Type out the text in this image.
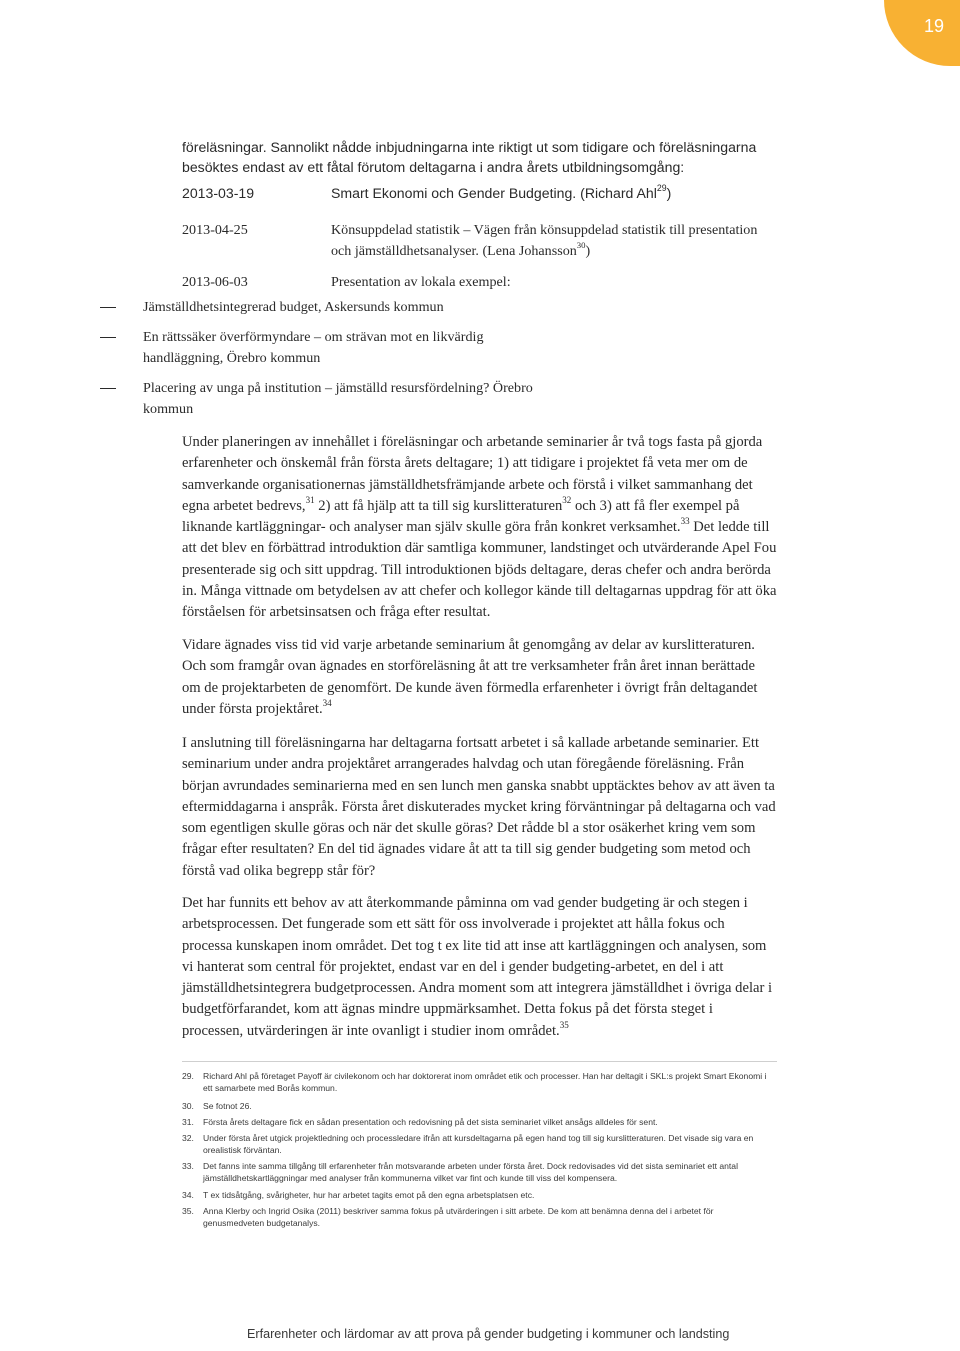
19

föreläsningar. Sannolikt nådde inbjudningarna inte riktigt ut som tidigare och föreläsningarna besöktes endast av ett fåtal förutom deltagarna i andra årets utbildningsomgång:

2013-03-19	Smart Ekonomi och Gender Budgeting. (Richard Ahl$^{29}$)
2013-04-25	Könsuppdelad statistik – Vägen från könsuppdelad statistik till presentation och jämställdhetsanalyser. (Lena Johansson$^{30}$)
2013-06-03	Presentation av lokala exempel:
Jämställdhetsintegrerad budget, Askersunds kommun
En rättssäker överförmyndare – om strävan mot en likvärdig handläggning, Örebro kommun
Placering av unga på institution – jämställd resursfördelning? Örebro kommun

Under planeringen av innehållet i föreläsningar och arbetande seminarier år två togs fasta på gjorda erfarenheter och önskemål från första årets deltagare; 1) att tidigare i projektet få veta mer om de samverkande organisationernas jämställdhetsfrämjande arbete och förstå i vilket sammanhang det egna arbetet bedrevs,$^{31}$ 2) att få hjälp att ta till sig kurslitteraturen$^{32}$ och 3) att få fler exempel på liknande kartläggningar- och analyser man själv skulle göra från konkret verksamhet.$^{33}$ Det ledde till att det blev en förbättrad introduktion där samtliga kommuner, landstinget och utvärderande Apel Fou presenterade sig och sitt uppdrag. Till introduktionen bjöds deltagare, deras chefer och andra berörda in. Många vittnade om betydelsen av att chefer och kollegor kände till deltagarnas uppdrag för att öka förståelsen för arbetsinsatsen och fråga efter resultat.

Vidare ägnades viss tid vid varje arbetande seminarium åt genomgång av delar av kurslitteraturen. Och som framgår ovan ägnades en storföreläsning åt att tre verksamheter från året innan berättade om de projektarbeten de genomfört. De kunde även förmedla erfarenheter i övrigt från deltagandet under första projektåret.$^{34}$

I anslutning till föreläsningarna har deltagarna fortsatt arbetet i så kallade arbetande seminarier. Ett seminarium under andra projektåret arrangerades halvdag och utan föregående föreläsning. Från början avrundades seminarierna med en sen lunch men ganska snabbt upptäcktes behov av att även ta eftermiddagarna i anspråk. Första året diskuterades mycket kring förväntningar på deltagarna och vad som egentligen skulle göras och när det skulle göras? Det rådde bl a stor osäkerhet kring vem som frågar efter resultaten? En del tid ägnades vidare åt att ta till sig gender budgeting som metod och förstå vad olika begrepp står för?

Det har funnits ett behov av att återkommande påminna om vad gender budgeting är och stegen i arbetsprocessen. Det fungerade som ett sätt för oss involverade i projektet att hålla fokus och processa kunskapen inom området. Det tog t ex lite tid att inse att kartläggningen och analysen, som vi hanterat som central för projektet, endast var en del i gender budgeting-arbetet, en del i att jämställdhetsintegrera budgetprocessen. Andra moment som att integrera jämställdhet i övriga delar i budgetförfarandet, kom att ägnas mindre uppmärksamhet. Detta fokus på det första steget i processen, utvärderingen är inte ovanligt i studier inom området.$^{35}$

29. Richard Ahl på företaget Payoff är civilekonom och har doktorerat inom området etik och processer. Han har deltagit i SKL:s projekt Smart Ekonomi i ett samarbete med Borås kommun.
30. Se fotnot 26.
31. Första årets deltagare fick en sådan presentation och redovisning på det sista seminariet vilket ansågs alldeles för sent.
32. Under första året utgick projektledning och processledare ifrån att kursdeltagarna på egen hand tog till sig kurslitteraturen. Det visade sig vara en orealistisk förväntan.
33. Det fanns inte samma tillgång till erfarenheter från motsvarande arbeten under första året. Dock redovisades vid det sista seminariet ett antal jämställdhetskartläggningar med analyser från kommunerna vilket var fint och kunde till viss del kompensera.
34. T ex tidsåtgång, svårigheter, hur har arbetet tagits emot på den egna arbetsplatsen etc.
35. Anna Klerby och Ingrid Osika (2011) beskriver samma fokus på utvärderingen i sitt arbete. De kom att benämna denna del i arbetet för genusmedveten budgetanalys.
Erfarenheter och lärdomar av att prova på gender budgeting i kommuner och landsting
